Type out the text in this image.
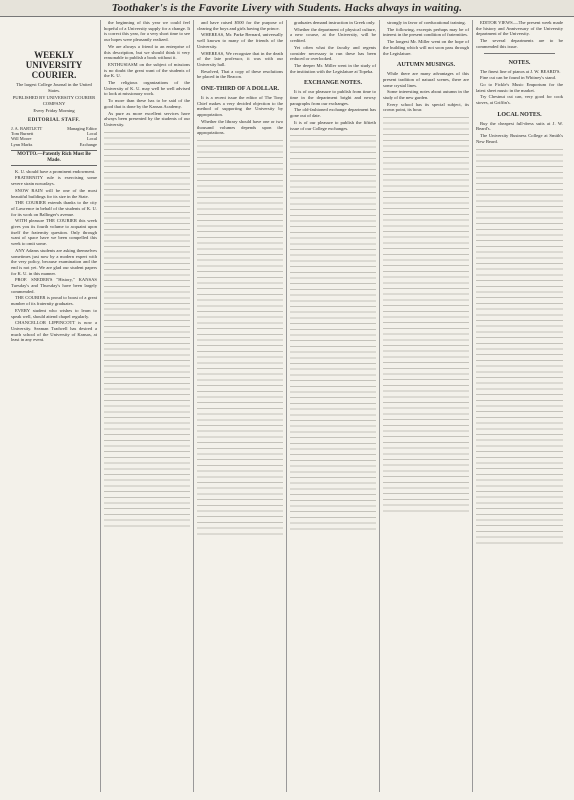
Toothaker's is the Favorite Livery with Students. Hacks always in waiting.
WEEKLY
UNIVERSITY COURIER.
The largest College Journal in the United States.
PUBLISHED BY UNIVERSITY COURIER COMPANY
Every Friday Morning
EDITORIAL STAFF.
J. A. BARTLETT	Managing Editor
Tom Burnett	Local
Will Moore	Local
Lynn Marks	Exchange
MOTTO.—Patently Rich Must Be Made.

K. U. should have a prominent endowment.

FRATERNITY rule is exercising some severe strain nowadays.

SNOW RAIN will be one of the most beautiful buildings for its size in the State.

THE COURIER extends thanks to the city of Lawrence in behalf of the students of K. U. for its work on Ballinger's avenue.

WITH pleasure THE COURIER this week gives you its fourth volume to acquaint upon itself the fraternity question. Only through want of space have we been compelled this week to omit some.

ANY Adams students are asking themselves sometimes just now by a modern expert with the very policy, because examination and the end is not yet. We are glad our student papers for K. U. in this manner.

PROF. SNEDER'S "History," KANSAS Tuesday's and Thursday's have been largely commended.

THE COURIER is proud to boast of a great number of its fraternity graduates.

EVERY student who wishes to learn to speak well, should attend chapel regularly.

CHANCELLOR LIPPINCOTT is now a University. Seaman Tradwell has desired a much school of the University of Kansas, at least in any event.

the beginning of this year we could feel hopeful of a University supply for a change. It is correct this year, for a very short time to see our hopes were pleasantly realized.

We are always a friend to an enterprise of this description, but we should think it very reasonable to publish a book without it.

ENTHUSIASM on the subject of missions is no doubt the great want of the students of the K. U.

The religious organizations of the University of K. U. may well be well advised to look at missionary work.

To more than these has to be said of the good that is done by the Kansas Academy.

As pure as more excellent services have always been presented by the students of our University.

and have raised $500 for the purpose of clearing the boys and girls having the prince.

WHEREAS, Mr. Parke Bernard, universally well known to many of the friends of the University.

WHEREAS, We recognize that in the death of the late professor, it was with our University hall.

Resolved, That a copy of these resolutions be placed in the Beacon.

ONE-THIRD OF A DOLLAR.

It is a recent issue the editor of The Tony Chief makes a very decided objection to the method of supporting the University by appropriation.

Whether the library should have one or two thousand volumes depends upon the appropriations.

graduates demand instruction in Greek only.

Whether the department of physical culture, a new course, at the University, will be credited.

Yet often what the faculty and regents consider necessary to run these has been reduced or overlooked.

The deeper Mr. Miller went in the study of the institution with the Legislature at Topeka.

EXCHANGE NOTES.

It is of our pleasure to publish from time to time in the department bright and newsy paragraphs from our exchanges.

The old-fashioned exchange department has gone out of date.

It is of our pleasure to publish the fiftieth issue of our College exchanges.

strongly in favor of coeducational training.

The following, excerpts perhaps may be of interest in the present condition of fraternities.

The longest Mr. Miller went on the hope of the building which will not soon pass through the Legislature.

AUTUMN MUSINGS.

While there are many advantages of this present tradition of natural scenes, there are some crystal lines.

Some interesting notes about autumn in the study of the new garden.

Every school has its special subject, its crown point, its hour.

EDITOR VIEWS.—The present week made the history and Anniversary of the University department of the University.

The several departments are to be commended this issue.

NOTES.

The finest line of pianos at J. W. BEARD'S.

Fine cut can be found in Whitney's stand.

Go to Fickle's Music Emporium for the latest sheet music in the market.

Try Chestnut cut can, very good for cook stoves, at Griffin's.

LOCAL NOTES.

Buy the cheapest full-dress suits at J. W. Beard's.

The University Business College at Smith's New Beard.
